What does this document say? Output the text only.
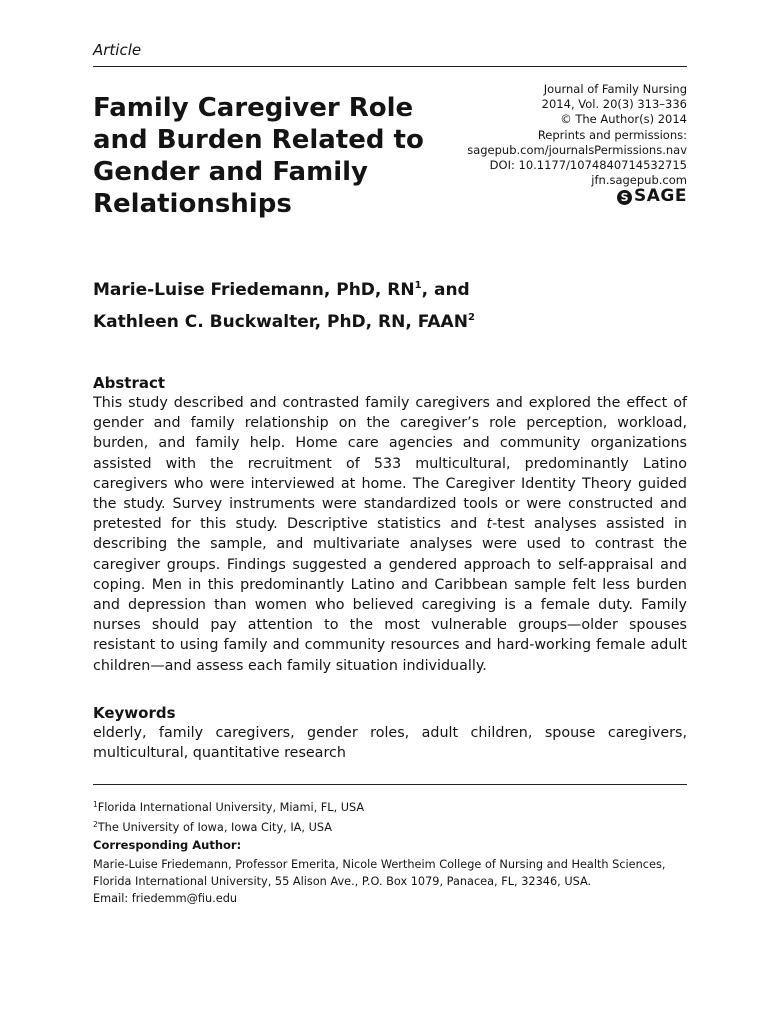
Article
Family Caregiver Role and Burden Related to Gender and Family Relationships
Journal of Family Nursing
2014, Vol. 20(3) 313–336
© The Author(s) 2014
Reprints and permissions:
sagepub.com/journalsPermissions.nav
DOI: 10.1177/1074840714532715
jfn.sagepub.com
S SAGE
Marie-Luise Friedemann, PhD, RN$^1$, and
Kathleen C. Buckwalter, PhD, RN, FAAN$^2$
Abstract

This study described and contrasted family caregivers and explored the effect of gender and family relationship on the caregiver’s role perception, workload, burden, and family help. Home care agencies and community organizations assisted with the recruitment of 533 multicultural, predominantly Latino caregivers who were interviewed at home. The Caregiver Identity Theory guided the study. Survey instruments were standardized tools or were constructed and pretested for this study. Descriptive statistics and t-test analyses assisted in describing the sample, and multivariate analyses were used to contrast the caregiver groups. Findings suggested a gendered approach to self-appraisal and coping. Men in this predominantly Latino and Caribbean sample felt less burden and depression than women who believed caregiving is a female duty. Family nurses should pay attention to the most vulnerable groups—older spouses resistant to using family and community resources and hard-working female adult children—and assess each family situation individually.

Keywords

elderly, family caregivers, gender roles, adult children, spouse caregivers, multicultural, quantitative research

$^1$Florida International University, Miami, FL, USA
$^2$The University of Iowa, Iowa City, IA, USA
Corresponding Author:
Marie-Luise Friedemann, Professor Emerita, Nicole Wertheim College of Nursing and Health Sciences, Florida International University, 55 Alison Ave., P.O. Box 1079, Panacea, FL, 32346, USA.
Email: friedemm@fiu.edu
